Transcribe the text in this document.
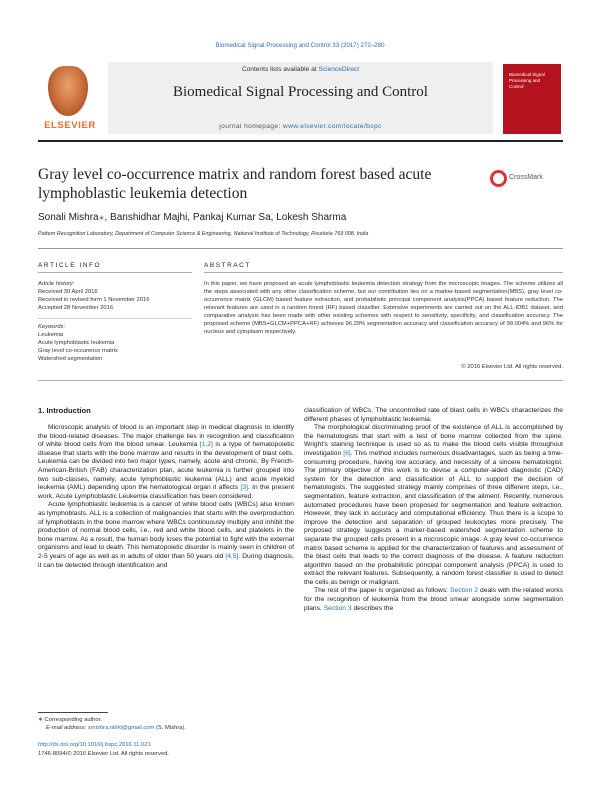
Biomedical Signal Processing and Control 33 (2017) 272–280
ELSEVIER
Contents lists available at ScienceDirect
Biomedical Signal Processing and Control
journal homepage: www.elsevier.com/locate/bspc
Biomedical Signal Processing and Control
Gray level co-occurrence matrix and random forest based acute lymphoblastic leukemia detection
CrossMark
Sonali Mishra∗, Banshidhar Majhi, Pankaj Kumar Sa, Lokesh Sharma
Pattern Recognition Laboratory, Department of Computer Science & Engineering, National Institute of Technology, Rourkela 769 008, India
ARTICLE INFO	ABSTRACT
Article history:
Received 30 April 2016
Received in revised form 1 November 2016
Accepted 28 November 2016
Keywords:
Leukemia
Acute lymphoblastic leukemia
Gray level co-occurence matrix
Watershed segmentation
In this paper, we have proposed an acute lymphoblastic leukemia detection strategy from the microscopic images. The scheme utilizes all the steps associated with any other classification scheme, but our contribution lies on a marker-based segmentation(MBS), gray level co-occurrence matrix (GLCM) based feature extraction, and probabilistic principal component analysis(PPCA) based feature reduction. The relevant features are used in a random forest (RF) based classifier. Extensive experiments are carried out on the ALL-IDB1 dataset, and comparative analysis has been made with other existing schemes with respect to sensitivity, specificity, and classification accuracy. The proposed scheme (MBS+GLCM+PPCA+RF) achieves 96.29% segmentation accuracy and classification accuracy of 99.004% and 96% for nucleus and cytoplasm respectively.
© 2016 Elsevier Ltd. All rights reserved.
1. Introduction

Microscopic analysis of blood is an important step in medical diagnosis to identify the blood-related diseases. The major challenge lies in recognition and classification of white blood cells from the blood smear. Leukemia [1,2] is a type of hematopoietic disease that starts with the bone marrow and results in the development of blast cells. Leukemia can be divided into two major types, namely, acute and chronic. By French-American-British (FAB) characterization plan, acute leukemia is further grouped into two sub-classes, namely, acute lymphoblastic leukemia (ALL) and acute myeloid leukemia (AML) depending upon the hematological organ it affects [3]. In the present work, Acute Lymphoblastic Leukemia classification has been considered.

Acute lymphoblastic leukemia is a cancer of white blood cells (WBCs) also known as lymphoblasts. ALL is a collection of malignancies that starts with the overproduction of lymphoblasts in the bone marrow where WBCs continuously multiply and inhibit the production of normal blood cells, i.e., red and white blood cells, and platelets in the bone marrow. As a result, the human body loses the potential to fight with the external organisms and lead to death. This hematopoietic disorder is mainly seen in children of 2-5 years of age as well as in adults of older than 50 years old [4,5]. During diagnosis, it can be detected through identification and

classification of WBCs. The uncontrolled rate of blast cells in WBCs characterizes the different phases of lymphoblastic leukemia.

The morphological discriminating proof of the existence of ALL is accomplished by the hematologists that start with a test of bone marrow collected from the spine. Wright's staining technique is used so as to make the blood cells visible throughout investigation [6]. This method includes numerous disadvantages, such as being a time-consuming procedure, having low accuracy, and necessity of a sincere hematologist. The primary objective of this work is to devise a computer-aided diagnostic (CAD) system for the detection and classification of ALL to support the decision of hematologists. The suggested strategy mainly comprises of three different steps, i.e., segmentation, feature extraction, and classification of the ailment. Recently, numerous automated procedures have been proposed for segmentation and feature extraction. However, they lack in accuracy and computational efficiency. Thus there is a scope to improve the detection and separation of grouped leukocytes more precisely. The proposed strategy suggests a marker-based watershed segmentation scheme to separate the grouped cells present in a microscopic image. A gray level co-occurrence matrix based scheme is applied for the characterization of features and assessment of the blast cells that leads to the correct diagnosis of the disease. A feature reduction algorithm based on the probabilistic principal component analysis (PPCA) is used to extract the relevant features. Subsequently, a random forest classifier is used to detect the cells as benign or malignant.

The rest of the paper is organized as follows: Section 2 deals with the related works for the recognition of leukemia from the blood smear alongside some segmentation plans. Section 3 describes the

∗ Corresponding author.
E-mail address: smishra.nitrkl@gmail.com (S. Mishra).
http://dx.doi.org/10.1016/j.bspc.2016.11.021
1746-8094/© 2016 Elsevier Ltd. All rights reserved.
